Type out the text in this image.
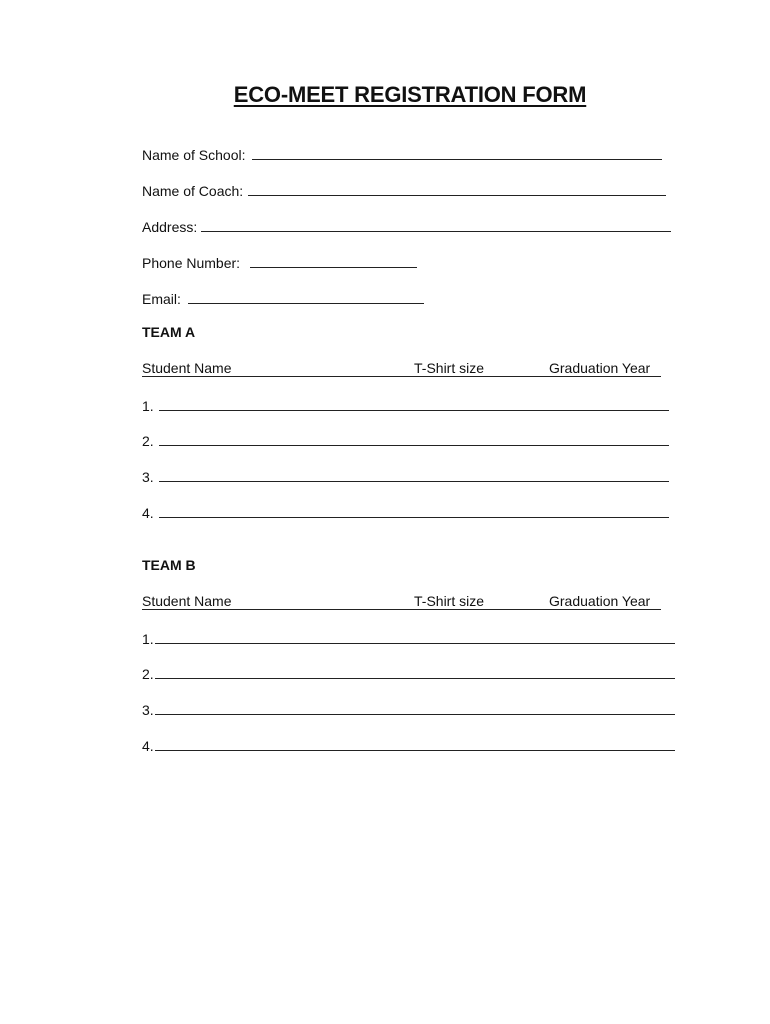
ECO-MEET REGISTRATION FORM
Name of School:
Name of Coach:
Address:
Phone Number:
Email:
TEAM A
Student Name	T-Shirt size	Graduation Year
1.
2.
3.
4.
TEAM B
Student Name	T-Shirt size	Graduation Year
1.
2.
3.
4.
